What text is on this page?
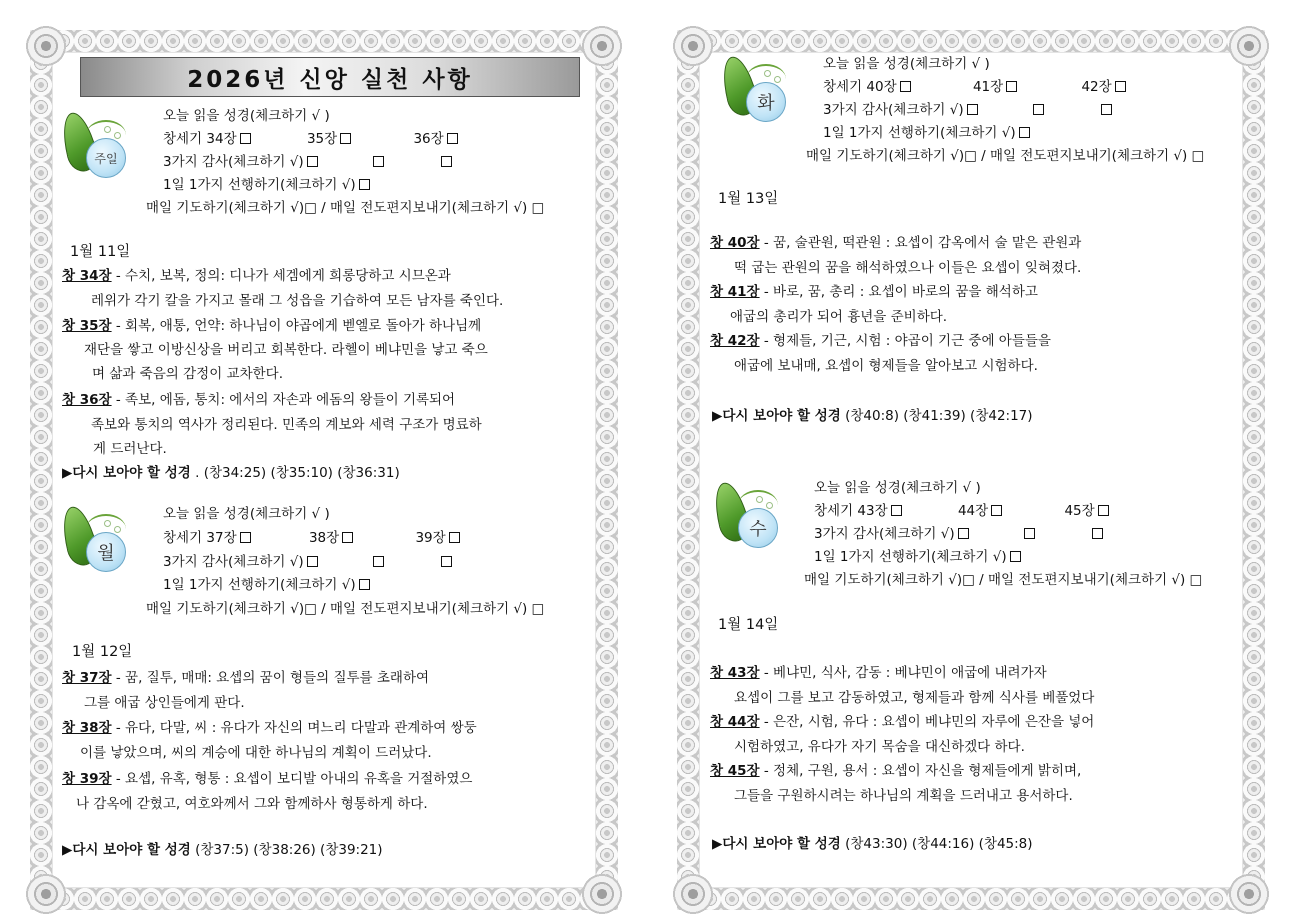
2026년 신앙 실천 사항
주일
오늘 읽을 성경(체크하기 √ )
창세기 34장	35장	36장
3가지 감사(체크하기 √)
1일 1가지 선행하기(체크하기 √)
매일 기도하기(체크하기 √)□ / 매일 전도편지보내기(체크하기 √) □
1월 11일
창 34장 - 수치, 보복, 정의: 디나가 세겜에게 희롱당하고 시므온과
레위가 각기 칼을 가지고 몰래 그 성읍을 기습하여 모든 남자를 죽인다.
창 35장 - 회복, 애통, 언약: 하나님이 야곱에게 벧엘로 돌아가 하나님께
재단을 쌓고 이방신상을 버리고 회복한다. 라헬이 베냐민을 낳고 죽으
며 삶과 죽음의 감정이 교차한다.
창 36장 - 족보, 에돔, 통치: 에서의 자손과 에돔의 왕들이 기록되어
족보와 통치의 역사가 정리된다. 민족의 계보와 세력 구조가 명료하
게 드러난다.
▶다시 보아야 할 성경 . (창34:25) (창35:10) (창36:31)
월
오늘 읽을 성경(체크하기 √ )
창세기 37장	38장	39장
3가지 감사(체크하기 √)
1일 1가지 선행하기(체크하기 √)
매일 기도하기(체크하기 √)□ / 매일 전도편지보내기(체크하기 √) □
1월 12일
창 37장 - 꿈, 질투, 매매: 요셉의 꿈이 형들의 질투를 초래하여
그를 애굽 상인들에게 판다.
창 38장 - 유다, 다말, 씨 : 유다가 자신의 며느리 다말과 관계하여 쌍둥
이를 낳았으며, 씨의 계승에 대한 하나님의 계획이 드러났다.
창 39장 - 요셉, 유혹, 형통 : 요셉이 보디발 아내의 유혹을 거절하였으
나 감옥에 갇혔고, 여호와께서 그와 함께하사 형통하게 하다.
▶다시 보아야 할 성경 (창37:5) (창38:26) (창39:21)
화
오늘 읽을 성경(체크하기 √ )
창세기 40장	41장	42장
3가지 감사(체크하기 √)
1일 1가지 선행하기(체크하기 √)
매일 기도하기(체크하기 √)□ / 매일 전도편지보내기(체크하기 √) □
1월 13일
창 40장 - 꿈, 술관원, 떡관원 : 요셉이 감옥에서 술 맡은 관원과
떡 굽는 관원의 꿈을 해석하였으나 이들은 요셉이 잊혀졌다.
창 41장 - 바로, 꿈, 총리 : 요셉이 바로의 꿈을 해석하고
애굽의 총리가 되어 흉년을 준비하다.
창 42장 - 형제들, 기근, 시험 : 야곱이 기근 중에 아들들을
애굽에 보내매, 요셉이 형제들을 알아보고 시험하다.
▶다시 보아야 할 성경 (창40:8) (창41:39) (창42:17)
수
오늘 읽을 성경(체크하기 √ )
창세기 43장	44장	45장
3가지 감사(체크하기 √)
1일 1가지 선행하기(체크하기 √)
매일 기도하기(체크하기 √)□ / 매일 전도편지보내기(체크하기 √) □
1월 14일
창 43장 - 베냐민, 식사, 감동 : 베냐민이 애굽에 내려가자
요셉이 그를 보고 감동하였고, 형제들과 함께 식사를 베풀었다
창 44장 - 은잔, 시험, 유다 : 요셉이 베냐민의 자루에 은잔을 넣어
시험하였고, 유다가 자기 목숨을 대신하겠다 하다.
창 45장 - 정체, 구원, 용서 : 요셉이 자신을 형제들에게 밝히며,
그들을 구원하시려는 하나님의 계획을 드러내고 용서하다.
▶다시 보아야 할 성경 (창43:30) (창44:16) (창45:8)
